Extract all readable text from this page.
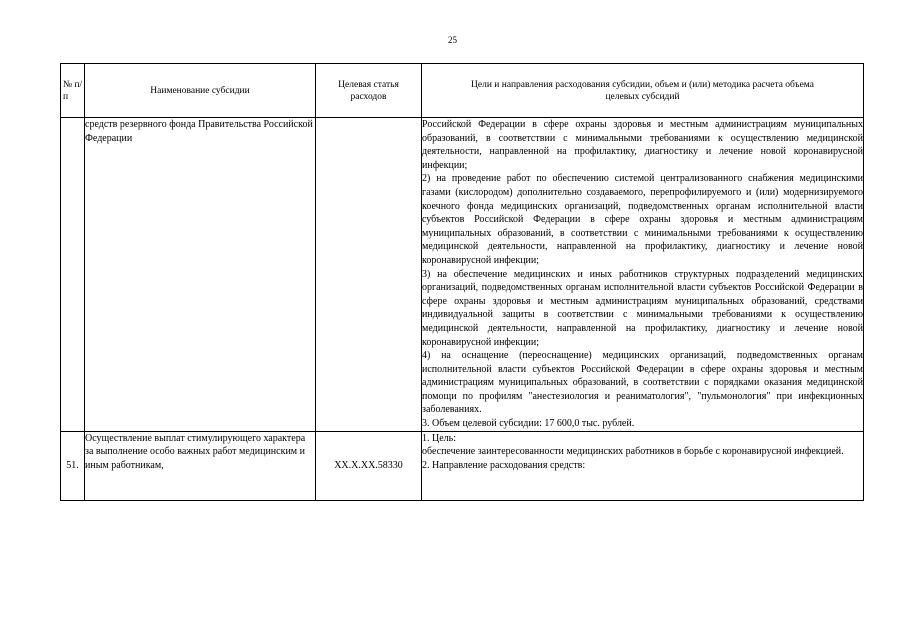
25
№ п/п	Наименование субсидии	Целевая статья расходов	Цели и направления расходования субсидии, объем и (или) методика расчета объема целевых субсидий
	средств резервного фонда Правительства Российской Федерации		Российской Федерации в сфере охраны здоровья и местным администрациям муниципальных образований, в соответствии с минимальными требованиями к осуществлению медицинской деятельности, направленной на профилактику, диагностику и лечение новой коронавирусной инфекции;
2) на проведение работ по обеспечению системой централизованного снабжения медицинскими газами (кислородом) дополнительно создаваемого, перепрофилируемого и (или) модернизируемого коечного фонда медицинских организаций, подведомственных органам исполнительной власти субъектов Российской Федерации в сфере охраны здоровья и местным администрациям муниципальных образований, в соответствии с минимальными требованиями к осуществлению медицинской деятельности, направленной на профилактику, диагностику и лечение новой коронавирусной инфекции;
3) на обеспечение медицинских и иных работников структурных подразделений медицинских организаций, подведомственных органам исполнительной власти субъектов Российской Федерации в сфере охраны здоровья и местным администрациям муниципальных образований, средствами индивидуальной защиты в соответствии с минимальными требованиями к осуществлению медицинской деятельности, направленной на профилактику, диагностику и лечение новой коронавирусной инфекции;
4) на оснащение (переоснащение) медицинских организаций, подведомственных органам исполнительной власти субъектов Российской Федерации в сфере охраны здоровья и местным администрациям муниципальных образований, в соответствии с порядками оказания медицинской помощи по профилям "анестезиология и реаниматология", "пульмонология" при инфекционных заболеваниях.
3. Объем целевой субсидии: 17 600,0 тыс. рублей.

51.	Осуществление выплат стимулирующего характера за выполнение особо важных работ медицинским и иным работникам,	XX.X.XX.58330	1. Цель:
обеспечение заинтересованности медицинских работников в борьбе с коронавирусной инфекцией.
2. Направление расходования средств:
